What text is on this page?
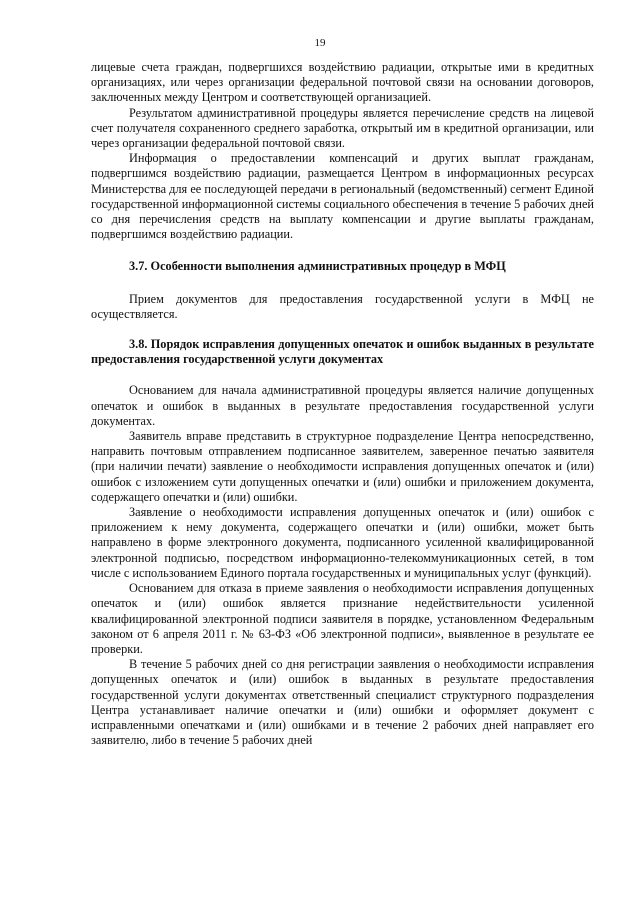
19

лицевые счета граждан, подвергшихся воздействию радиации, открытые ими в кредитных организациях, или через организации федеральной почтовой связи на основании договоров, заключенных между Центром и соответствующей организацией.

Результатом административной процедуры является перечисление средств на лицевой счет получателя сохраненного среднего заработка, открытый им в кредитной организации, или через организации федеральной почтовой связи.

Информация о предоставлении компенсаций и других выплат гражданам, подвергшимся воздействию радиации, размещается Центром в информационных ресурсах Министерства для ее последующей передачи в региональный (ведомственный) сегмент Единой государственной информационной системы социального обеспечения в течение 5 рабочих дней со дня перечисления средств на выплату компенсации и другие выплаты гражданам, подвергшимся воздействию радиации.

3.7. Особенности выполнения административных процедур в МФЦ

Прием документов для предоставления государственной услуги в МФЦ не осуществляется.

3.8. Порядок исправления допущенных опечаток и ошибок выданных в результате предоставления государственной услуги документах

Основанием для начала административной процедуры является наличие допущенных опечаток и ошибок в выданных в результате предоставления государственной услуги документах.

Заявитель вправе представить в структурное подразделение Центра непосредственно, направить почтовым отправлением подписанное заявителем, заверенное печатью заявителя (при наличии печати) заявление о необходимости исправления допущенных опечаток и (или) ошибок с изложением сути допущенных опечатки и (или) ошибки и приложением документа, содержащего опечатки и (или) ошибки.

Заявление о необходимости исправления допущенных опечаток и (или) ошибок с приложением к нему документа, содержащего опечатки и (или) ошибки, может быть направлено в форме электронного документа, подписанного усиленной квалифицированной электронной подписью, посредством информационно-телекоммуникационных сетей, в том числе с использованием Единого портала государственных и муниципальных услуг (функций).

Основанием для отказа в приеме заявления о необходимости исправления допущенных опечаток и (или) ошибок является признание недействительности усиленной квалифицированной электронной подписи заявителя в порядке, установленном Федеральным законом от 6 апреля 2011 г. № 63-ФЗ «Об электронной подписи», выявленное в результате ее проверки.

В течение 5 рабочих дней со дня регистрации заявления о необходимости исправления допущенных опечаток и (или) ошибок в выданных в результате предоставления государственной услуги документах ответственный специалист структурного подразделения Центра устанавливает наличие опечатки и (или) ошибки и оформляет документ с исправленными опечатками и (или) ошибками и в течение 2 рабочих дней направляет его заявителю, либо в течение 5 рабочих дней
